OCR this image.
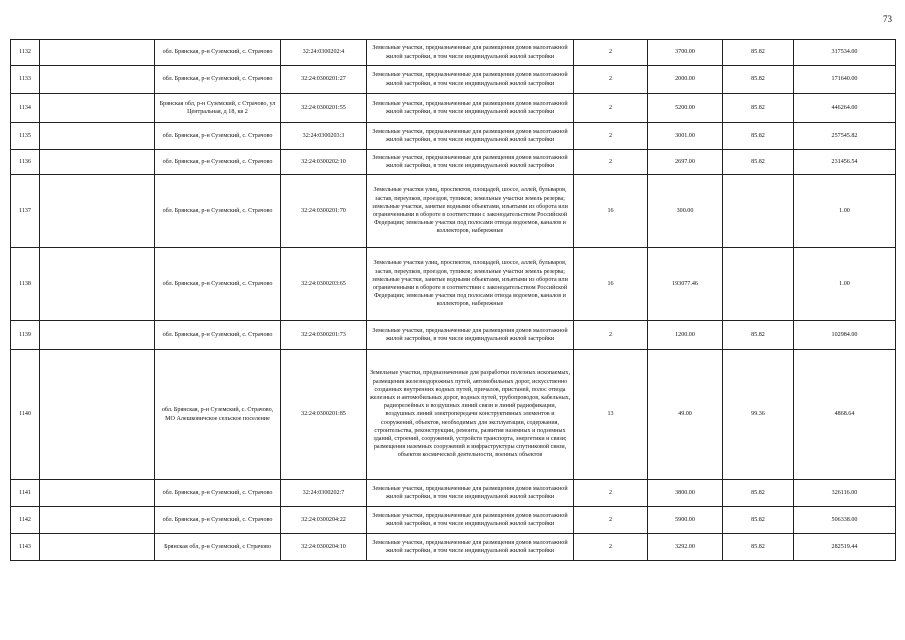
73
1132		обл. Брянская, р-н Суземский, с. Страчово	32:24:0300202:4	Земельные участки, предназначенные для размещения домов малоэтажной жилой застройки, в том числе индивидуальной жилой застройки	2	3700.00	85.82	317534.00
1133		обл. Брянская, р-н Суземский, с. Страчово	32:24:0300201:27	Земельные участки, предназначенные для размещения домов малоэтажной жилой застройки, в том числе индивидуальной жилой застройки	2	2000.00	85.82	171640.00
1134		Брянская обл, р-н Суземский, с Страчово, ул Центральная, д 18, кв 2	32:24:0300201:55	Земельные участки, предназначенные для размещения домов малоэтажной жилой застройки, в том числе индивидуальной жилой застройки	2	5200.00	85.82	446264.00
1135		обл. Брянская, р-н Суземский, с. Страчово	32:24:0300203:3	Земельные участки, предназначенные для размещения домов малоэтажной жилой застройки, в том числе индивидуальной жилой застройки	2	3001.00	85.82	257545.82
1136		обл. Брянская, р-н Суземский, с. Страчово	32:24:0300202:10	Земельные участки, предназначенные для размещения домов малоэтажной жилой застройки, в том числе индивидуальной жилой застройки	2	2697.00	85.82	231456.54
1137		обл. Брянская, р-н Суземский, с. Страчово	32:24:0300201:70	Земельные участки улиц, проспектов, площадей, шоссе, аллей, бульваров, застав, переулков, проездов, тупиков; земельные участки земель резерва; земельные участки, занятые водными объектами, изъятыми из оборота или ограниченными в обороте в соответствии с законодательством Российской Федерации; земельные участки под полосами отвода водоемов, каналов и коллекторов, набережные	16	300.00		1.00
1138		обл. Брянская, р-н Суземский, с. Страчово	32:24:0300203:65	Земельные участки улиц, проспектов, площадей, шоссе, аллей, бульваров, застав, переулков, проездов, тупиков; земельные участки земель резерва; земельные участки, занятые водными объектами, изъятыми из оборота или ограниченными в обороте в соответствии с законодательством Российской Федерации; земельные участки под полосами отвода водоемов, каналов и коллекторов, набережные	16	193077.46		1.00
1139		обл. Брянская, р-н Суземский, с. Страчово	32:24:0300201:73	Земельные участки, предназначенные для размещения домов малоэтажной жилой застройки, в том числе индивидуальной жилой застройки	2	1200.00	85.82	102984.00
1140		обл. Брянская, р-н Суземский, с. Страчово, МО Алешковичское сельское поселение	32:24:0300201:85	Земельные участки, предназначенные для разработки полезных ископаемых, размещения железнодорожных путей, автомобильных дорог, искусственно созданных внутренних водных путей, причалов, пристаней, полос отвода железных и автомобильных дорог, водных путей, трубопроводов, кабельных, радиорелейных и воздушных линий связи и линий радиофикации, воздушных линий электропередачи конструктивных элементов и сооружений, объектов, необходимых для эксплуатации, содержания, строительства, реконструкции, ремонта, развития наземных и подземных зданий, строений, сооружений, устройств транспорта, энергетики и связи; размещения наземных сооружений и инфраструктуры спутниковой связи, объектов космической деятельности, военных объектов	13	49.00	99.36	4868.64
1141		обл. Брянская, р-н Суземский, с. Страчово	32:24:0300202:7	Земельные участки, предназначенные для размещения домов малоэтажной жилой застройки, в том числе индивидуальной жилой застройки	2	3800.00	85.82	326116.00
1142		обл. Брянская, р-н Суземский, с. Страчово	32:24:0300204:22	Земельные участки, предназначенные для размещения домов малоэтажной жилой застройки, в том числе индивидуальной жилой застройки	2	5900.00	85.82	506338.00
1143		Брянская обл, р-н Суземский, с Страчово	32:24:0300204:10	Земельные участки, предназначенные для размещения домов малоэтажной жилой застройки, в том числе индивидуальной жилой застройки	2	3292.00	85.82	282519.44
